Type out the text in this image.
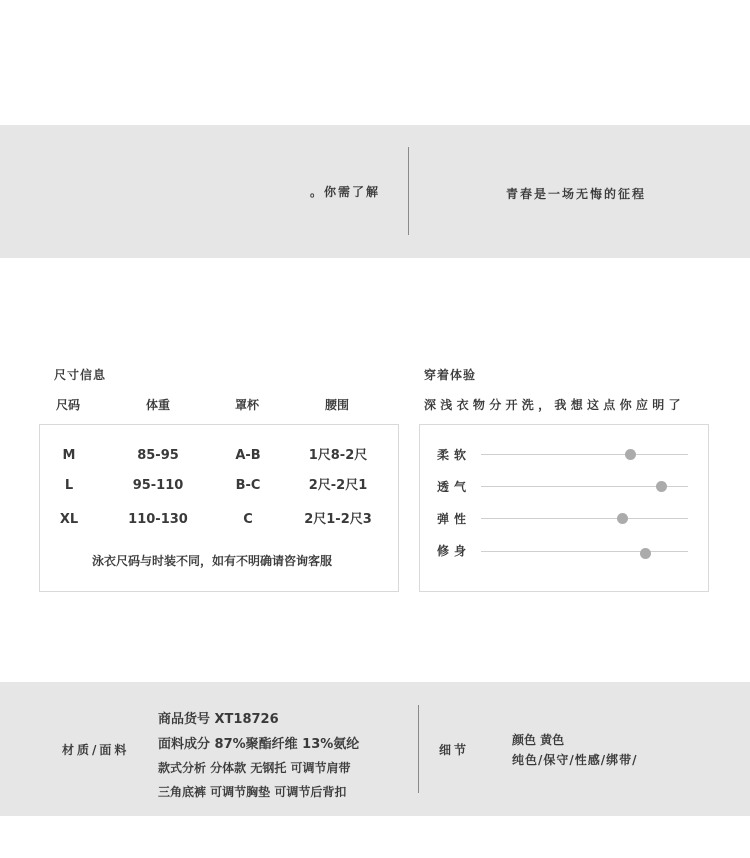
。你需了解	青春是一场无悔的征程
尺寸信息
尺码	体重	罩杯	腰围
M	85-95	A-B	1尺8-2尺
L	95-110	B-C	2尺-2尺1
XL	110-130	C	2尺1-2尺3
泳衣尺码与时装不同，如有不明确请咨询客服
穿着体验
深浅衣物分开洗，我想这点你应明了
柔软
透气
弹性
修身
材质/面料
商品货号 XT18726
面料成分 87%聚酯纤维 13%氨纶
款式分析 分体款 无钢托 可调节肩带
三角底裤 可调节胸垫 可调节后背扣
细节
颜色 黄色
纯色/保守/性感/绑带/
